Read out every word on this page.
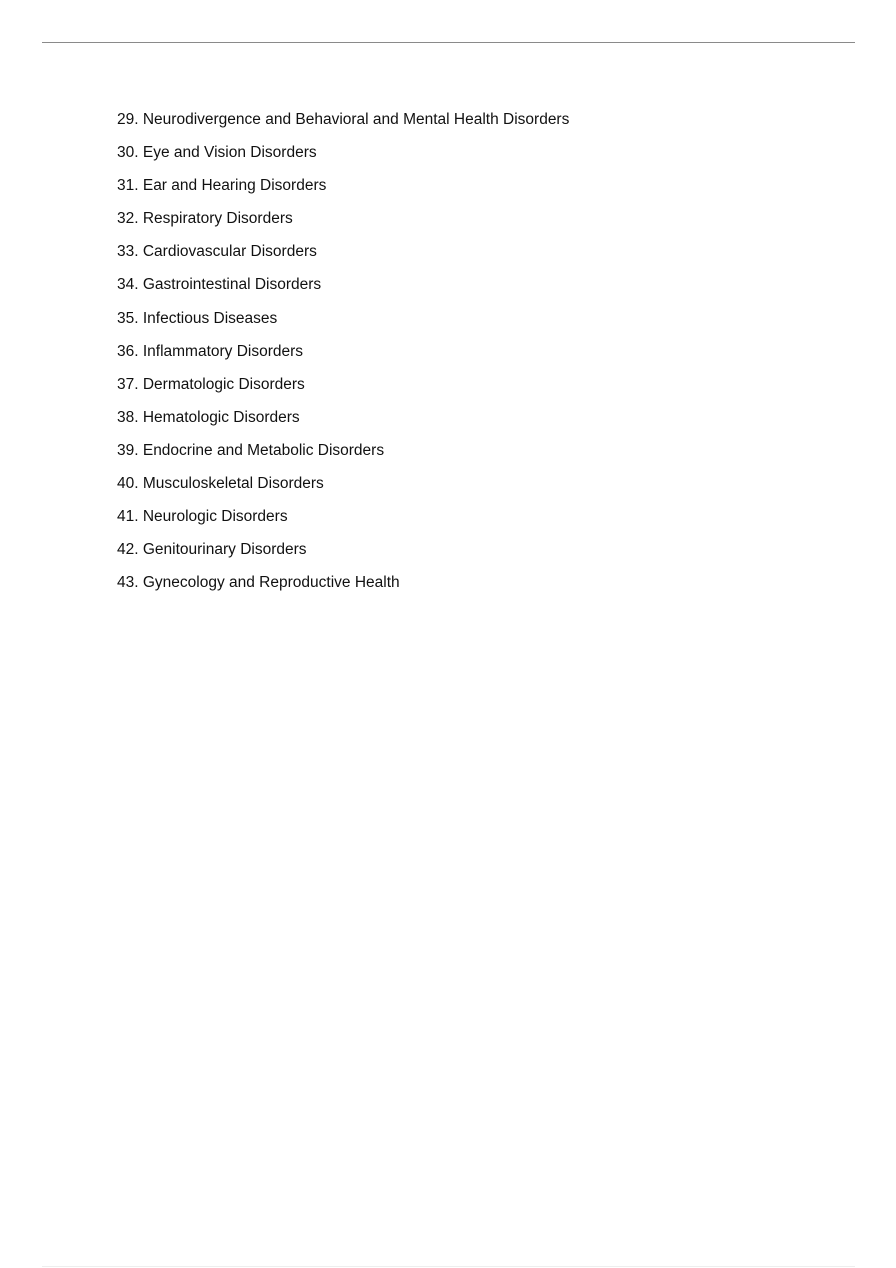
29. Neurodivergence and Behavioral and Mental Health Disorders
30. Eye and Vision Disorders
31. Ear and Hearing Disorders
32. Respiratory Disorders
33. Cardiovascular Disorders
34. Gastrointestinal Disorders
35. Infectious Diseases
36. Inflammatory Disorders
37. Dermatologic Disorders
38. Hematologic Disorders
39. Endocrine and Metabolic Disorders
40. Musculoskeletal Disorders
41. Neurologic Disorders
42. Genitourinary Disorders
43. Gynecology and Reproductive Health
